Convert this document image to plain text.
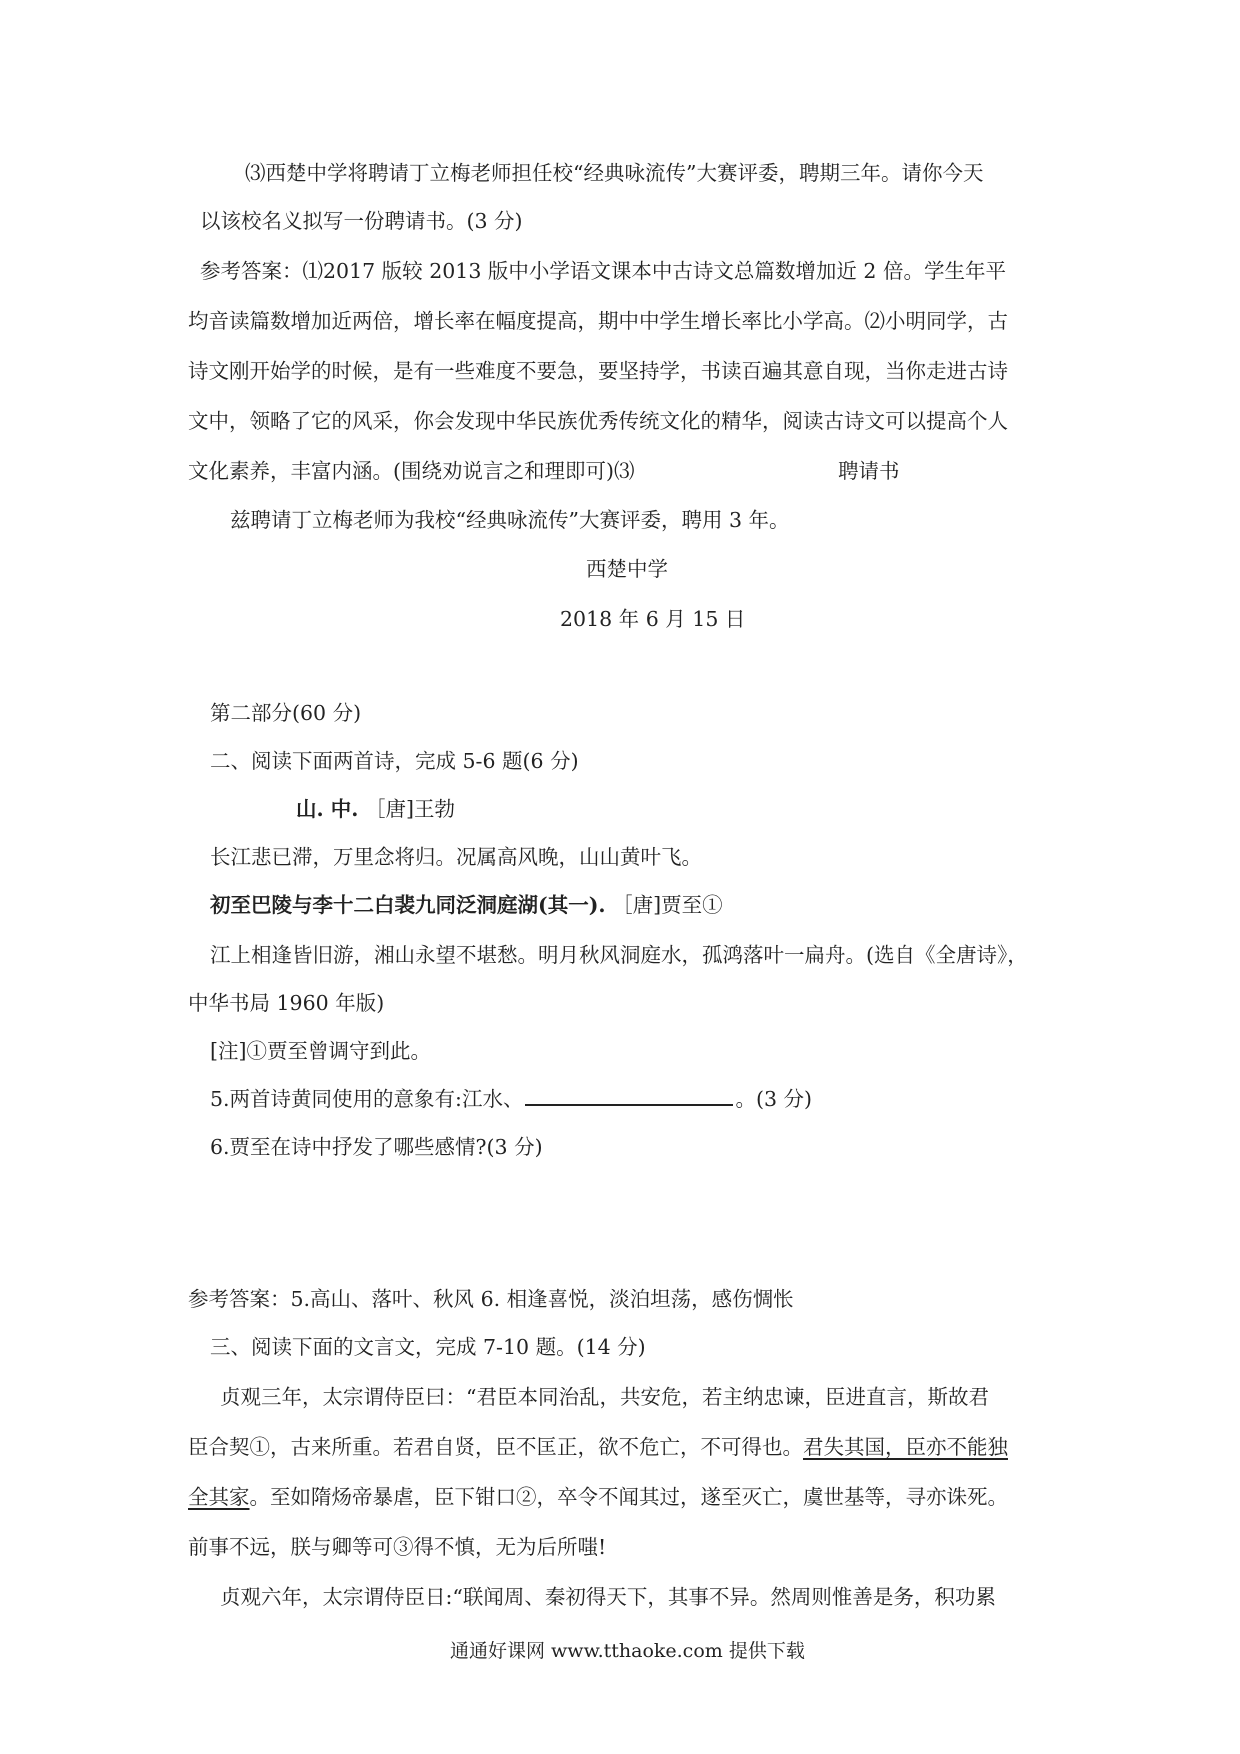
⑶西楚中学将聘请丁立梅老师担任校“经典咏流传”大赛评委，聘期三年。请你今天
以该校名义拟写一份聘请书。(3 分)
参考答案：⑴2017 版较 2013 版中小学语文课本中古诗文总篇数增加近 2 倍。学生年平
均音读篇数增加近两倍，增长率在幅度提高，期中中学生增长率比小学高。⑵小明同学，古
诗文刚开始学的时候，是有一些难度不要急，要坚持学，书读百遍其意自现，当你走进古诗
文中，领略了它的风采，你会发现中华民族优秀传统文化的精华，阅读古诗文可以提高个人
文化素养，丰富内涵。(围绕劝说言之和理即可)⑶	聘请书
兹聘请丁立梅老师为我校“经典咏流传”大赛评委，聘用 3 年。
西楚中学
2018 年 6 月 15 日
第二部分(60 分)
二、阅读下面两首诗，完成 5-6 题(6 分)
山. 中. ［唐]王勃
长江悲已滞，万里念将归。况属高风晚，山山黄叶飞。
初至巴陵与李十二白裴九同泛洞庭湖(其一). ［唐]贾至①
江上相逢皆旧游，湘山永望不堪愁。明月秋风洞庭水，孤鸿落叶一扁舟。(选自《全唐诗》，
中华书局 1960 年版)
[注]①贾至曾调守到此。
5.两首诗黄同使用的意象有:江水、	。(3 分)
6.贾至在诗中抒发了哪些感情?(3 分)
参考答案：5.高山、落叶、秋风 6. 相逢喜悦，淡泊坦荡，感伤惆怅
三、阅读下面的文言文，完成 7-10 题。(14 分)
贞观三年，太宗谓侍臣曰：“君臣本同治乱，共安危，若主纳忠谏，臣进直言，斯故君
臣合契①，古来所重。若君自贤，臣不匡正，欲不危亡，不可得也。君失其国，臣亦不能独
全其家。至如隋炀帝暴虐，臣下钳口②，卒令不闻其过，遂至灭亡，虞世基等，寻亦诛死。
前事不远，朕与卿等可③得不慎，无为后所嗤!
贞观六年，太宗谓侍臣日:“联闻周、秦初得天下，其事不异。然周则惟善是务，积功累
通通好课网 www.tthaoke.com 提供下载
